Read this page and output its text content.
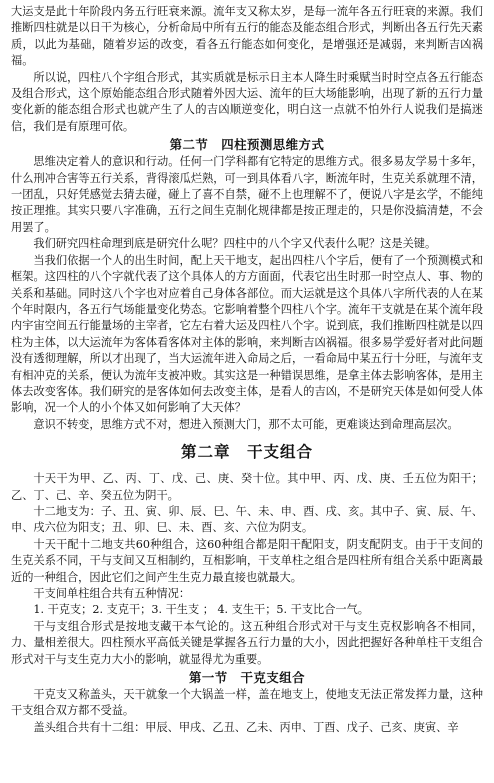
大运支是此十年阶段内务五行旺衰来源。流年支又称太岁，是每一流年各五行旺衰的来源。我们推断四柱就是以日干为核心，分析命局中所有五行的能态及能态组合形式，判断出各五行先天素质，以此为基础，随着岁运的改变，看各五行能态如何变化，是增强还是减弱，来判断吉凶祸福。

所以说，四柱八个字组合形式，其实质就是标示日主本人降生时乘赋当时时空点各五行能态及组合形式，这个原始能态组合形式随着外因大运、流年的巨大场能影响，出现了新的五行力量变化新的能态组合形式也就产生了人的吉凶顺逆变化，明白这一点就不怕外行人说我们是搞迷信，我们是有原理可依。

第二节　四柱预测思维方式

思维决定着人的意识和行动。任何一门学科都有它特定的思维方式。很多易友学易十多年，什么刑冲合害等五行关系，背得滚瓜烂熟，可一到具体看八字，断流年时，生克关系就理不清，一团乱，只好凭感觉去猜去碰，碰上了喜不自禁，碰不上也理解不了，便说八字是玄学，不能纯按正理推。其实只要八字准确，五行之间生克制化规律都是按正理走的，只是你没搞清楚，不会用罢了。

我们研究四柱命理到底是研究什么呢？四柱中的八个字又代表什么呢？这是关键。

当我们依据一个人的出生时间，配上天干地支，起出四柱八个字后，便有了一个预测模式和框架。这四柱的八个字就代表了这个具体人的方方面面，代表它出生时那一时空点人、事、物的关系和基础。同时这八个字也对应着自己身体各部位。而大运就是这个具体八字所代表的人在某个年时限内，各五行气场能量变化势态。它影响着整个四柱八个字。流年干支就是在某个流年段内宇宙空间五行能量场的主宰者，它左右着大运及四柱八个字。说到底，我们推断四柱就是以四柱为主体，以大运流年为客体看客体对主体的影响，来判断吉凶祸福。很多易学爱好者对此问题没有透彻理解，所以才出现了，当大运流年进入命局之后，一看命局中某五行十分旺，与流年支有相冲克的关系，便认为流年支被冲败。其实这是一种错误思维，是拿主体去影响客体，是用主体去改变客体。我们研究的是客体如何去改变主体，是看人的吉凶，不是研究天体是如何受人体影响，况一个人的小个体又如何影响了大天体？

意识不转变，思维方式不对，想进入预测大门，那不太可能，更难谈达到命理高层次。

第二章　干支组合

十天干为甲、乙、丙、丁、戊、己、庚、癸十位。其中甲、丙、戊、庚、壬五位为阳干；乙、丁、己、辛、癸五位为阴干。

十二地支为：子、丑、寅、卯、辰、巳、午、未、申、酉、戌、亥。其中子、寅、辰、午、申、戌六位为阳支；丑、卯、巳、未、酉、亥、六位为阴支。

十天干配十二地支共60种组合，这60种组合都是阳干配阳支，阴支配阴支。由于干支间的生克关系不同，干与支间又互相制约，互相影响，干支单柱之组合是四柱所有组合关系中距离最近的一种组合，因此它们之间产生生克力最直接也就最大。

干支间单柱组合共有五种情况：

1. 干克支；2. 支克干；3. 干生支 ； 4. 支生干；5. 干支比合一气。

干与支组合形式是按地支藏干本气论的。这五种组合形式对干与支生克权影响各不相同，力、量相差很大。四柱预水平高低关键是掌握各五行力量的大小，因此把握好各种单柱干支组合形式对干与支生克力大小的影响，就显得尤为重要。

第一节　干克支组合

干克支又称盖头，天干就象一个大锅盖一样，盖在地支上，使地支无法正常发挥力量，这种干支组合双方都不受益。

盖头组合共有十二组：甲辰、甲戌、乙丑、乙未、丙申、丁酉、戊子、己亥、庚寅、辛
